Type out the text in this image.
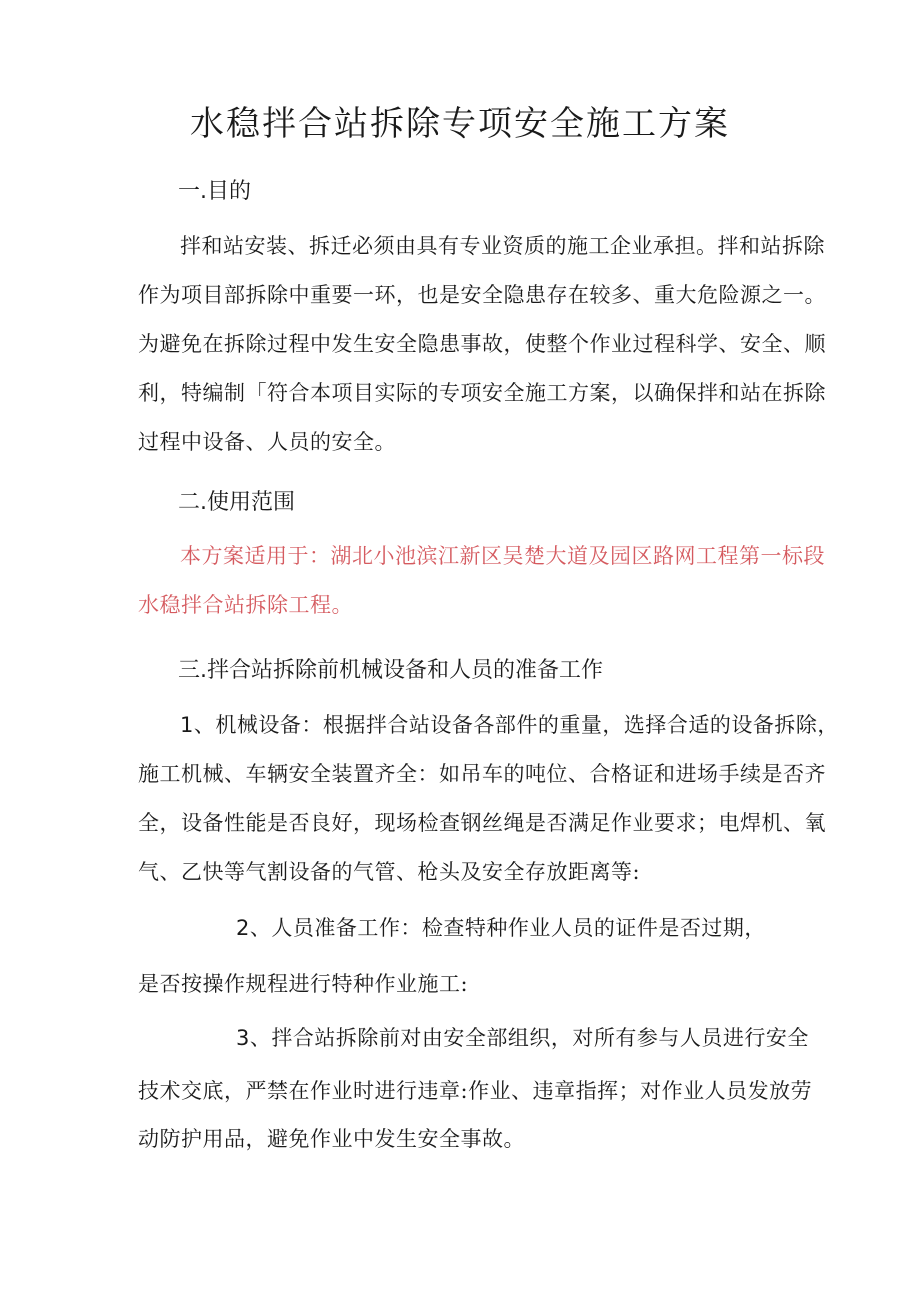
水稳拌合站拆除专项安全施工方案
一.目的
拌和站安装、拆迁必须由具有专业资质的施工企业承担。拌和站拆除
作为项目部拆除中重要一环，也是安全隐患存在较多、重大危险源之一。
为避免在拆除过程中发生安全隐患事故，使整个作业过程科学、安全、顺
利，特编制「符合本项目实际的专项安全施工方案，以确保拌和站在拆除
过程中设备、人员的安全。
二.使用范围
本方案适用于：湖北小池滨江新区吴楚大道及园区路网工程第一标段
水稳拌合站拆除工程。
三.拌合站拆除前机械设备和人员的准备工作
1、机械设备：根据拌合站设备各部件的重量，选择合适的设备拆除，
施工机械、车辆安全装置齐全：如吊车的吨位、合格证和进场手续是否齐
全，设备性能是否良好，现场检查钢丝绳是否满足作业要求；电焊机、氧
气、乙快等气割设备的气管、枪头及安全存放距离等:
2、人员准备工作：检查特种作业人员的证件是否过期，
是否按操作规程进行特种作业施工:
3、拌合站拆除前对由安全部组织，对所有参与人员进行安全
技术交底，严禁在作业时进行违章:作业、违章指挥；对作业人员发放劳
动防护用品，避免作业中发生安全事故。
